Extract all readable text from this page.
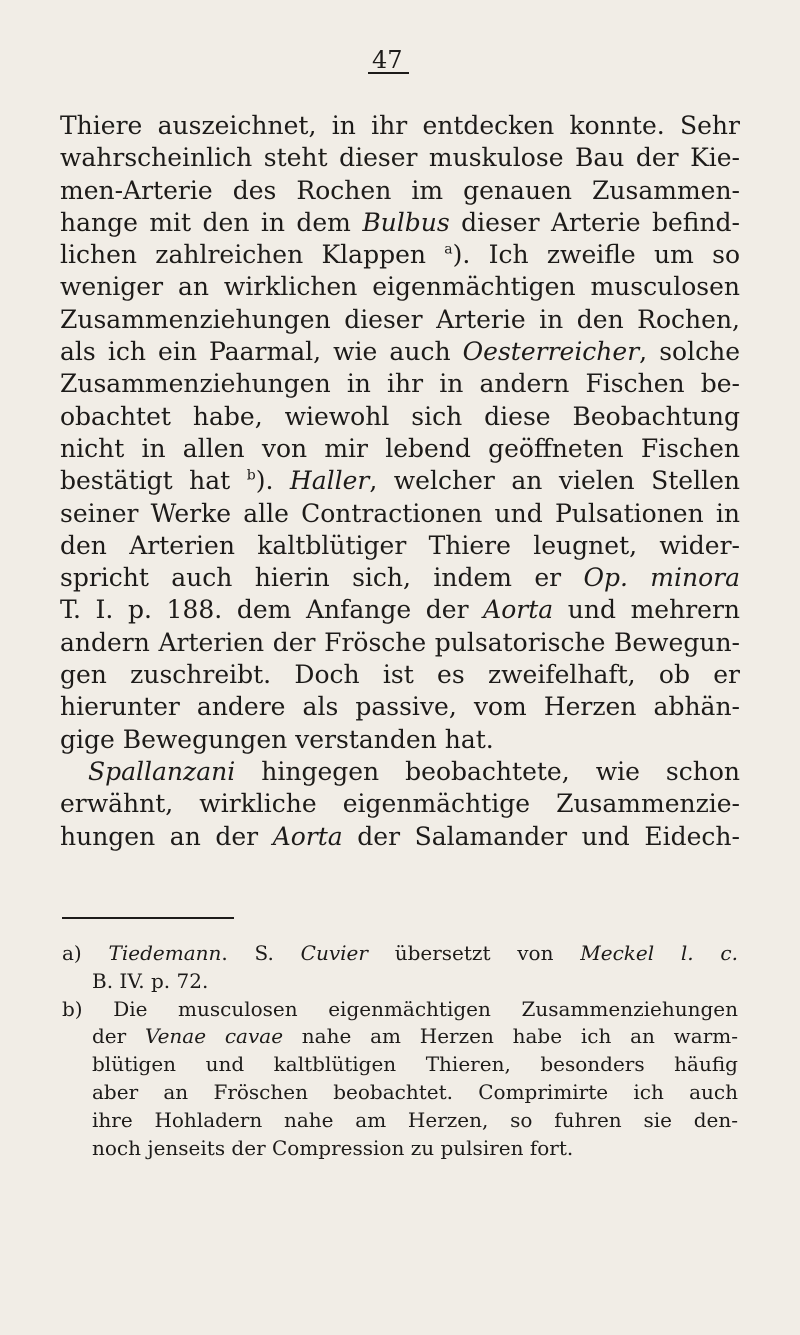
47
Thiere auszeichnet, in ihr entdecken konnte. Sehr
wahrscheinlich steht dieser muskulose Bau der Kie-
men-Arterie des Rochen im genauen Zusammen-
hange mit den in dem Bulbus dieser Arterie befind-
lichen zahlreichen Klappen $^a$). Ich zweifle um so
weniger an wirklichen eigenmächtigen musculosen
Zusammenziehungen dieser Arterie in den Rochen,
als ich ein Paarmal, wie auch Oesterreicher, solche
Zusammenziehungen in ihr in andern Fischen be-
obachtet habe, wiewohl sich diese Beobachtung
nicht in allen von mir lebend geöffneten Fischen
bestätigt hat $^b$). Haller, welcher an vielen Stellen
seiner Werke alle Contractionen und Pulsationen in
den Arterien kaltblütiger Thiere leugnet, wider-
spricht auch hierin sich, indem er Op. minora
T. I. p. 188. dem Anfange der Aorta und mehrern
andern Arterien der Frösche pulsatorische Bewegun-
gen zuschreibt. Doch ist es zweifelhaft, ob er
hierunter andere als passive, vom Herzen abhän-
gige Bewegungen verstanden hat.
Spallanzani hingegen beobachtete, wie schon
erwähnt, wirkliche eigenmächtige Zusammenzie-
hungen an der Aorta der Salamander und Eidech-
a) Tiedemann. S. Cuvier übersetzt von Meckel l. c.
B. IV. p. 72.
b) Die musculosen eigenmächtigen Zusammenziehungen
der Venae cavae nahe am Herzen habe ich an warm-
blütigen und kaltblütigen Thieren, besonders häufig
aber an Fröschen beobachtet. Comprimirte ich auch
ihre Hohladern nahe am Herzen, so fuhren sie den-
noch jenseits der Compression zu pulsiren fort.
